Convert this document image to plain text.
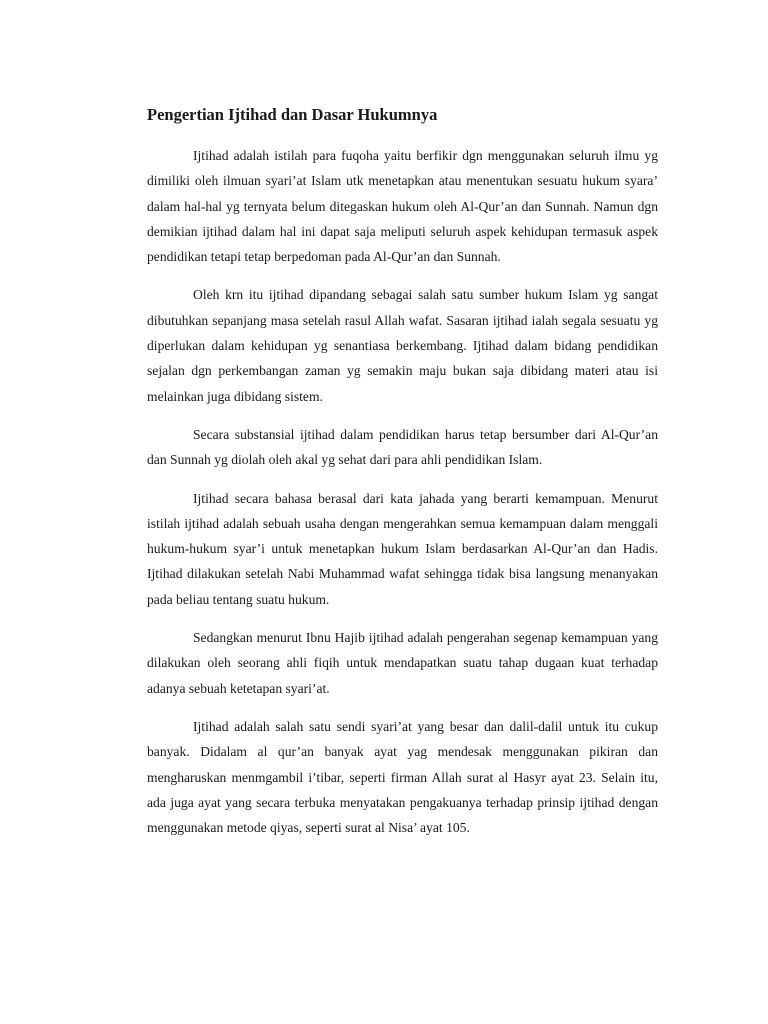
Pengertian Ijtihad dan Dasar Hukumnya

Ijtihad adalah istilah para fuqoha yaitu berfikir dgn menggunakan seluruh ilmu yg dimiliki oleh ilmuan syari’at Islam utk menetapkan atau menentukan sesuatu hukum syara’ dalam hal-hal yg ternyata belum ditegaskan hukum oleh Al-Qur’an dan Sunnah. Namun dgn demikian ijtihad dalam hal ini dapat saja meliputi seluruh aspek kehidupan termasuk aspek pendidikan tetapi tetap berpedoman pada Al-Qur’an dan Sunnah.

Oleh krn itu ijtihad dipandang sebagai salah satu sumber hukum Islam yg sangat dibutuhkan sepanjang masa setelah rasul Allah wafat. Sasaran ijtihad ialah segala sesuatu yg diperlukan dalam kehidupan yg senantiasa berkembang. Ijtihad dalam bidang pendidikan sejalan dgn perkembangan zaman yg semakin maju bukan saja dibidang materi atau isi melainkan juga dibidang sistem.

Secara substansial ijtihad dalam pendidikan harus tetap bersumber dari Al-Qur’an dan Sunnah yg diolah oleh akal yg sehat dari para ahli pendidikan Islam.

Ijtihad secara bahasa berasal dari kata jahada yang berarti kemampuan. Menurut istilah ijtihad adalah sebuah usaha dengan mengerahkan semua kemampuan dalam menggali hukum-hukum syar’i untuk menetapkan hukum Islam berdasarkan Al-Qur’an dan Hadis. Ijtihad dilakukan setelah Nabi Muhammad wafat sehingga tidak bisa langsung menanyakan pada beliau tentang suatu hukum.

Sedangkan menurut Ibnu Hajib ijtihad adalah pengerahan segenap kemampuan yang dilakukan oleh seorang ahli fiqih untuk mendapatkan suatu tahap dugaan kuat terhadap adanya sebuah ketetapan syari’at.

Ijtihad adalah salah satu sendi syari’at yang besar dan dalil-dalil untuk itu cukup banyak. Didalam al qur’an banyak ayat yag mendesak menggunakan pikiran dan mengharuskan menmgambil i’tibar, seperti firman Allah surat al Hasyr ayat 23. Selain itu, ada juga ayat yang secara terbuka menyatakan pengakuanya terhadap prinsip ijtihad dengan menggunakan metode qiyas, seperti surat al Nisa’ ayat 105.
